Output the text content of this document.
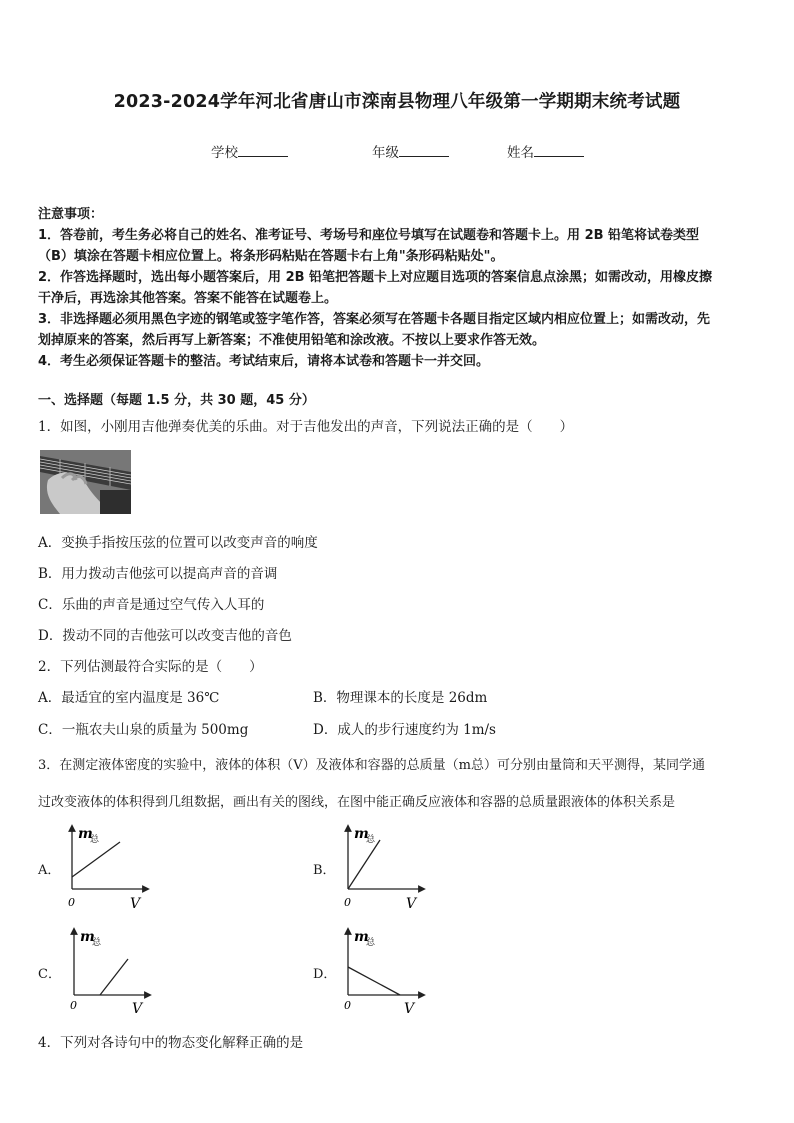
2023-2024学年河北省唐山市滦南县物理八年级第一学期期末统考试题
学校	年级	姓名
注意事项：
1．答卷前，考生务必将自己的姓名、准考证号、考场号和座位号填写在试题卷和答题卡上。用 2B 铅笔将试卷类型
（B）填涂在答题卡相应位置上。将条形码粘贴在答题卡右上角"条形码粘贴处"。
2．作答选择题时，选出每小题答案后，用 2B 铅笔把答题卡上对应题目选项的答案信息点涂黑；如需改动，用橡皮擦
干净后，再选涂其他答案。答案不能答在试题卷上。
3．非选择题必须用黑色字迹的钢笔或签字笔作答，答案必须写在答题卡各题目指定区域内相应位置上；如需改动，先
划掉原来的答案，然后再写上新答案；不准使用铅笔和涂改液。不按以上要求作答无效。
4．考生必须保证答题卡的整洁。考试结束后，请将本试卷和答题卡一并交回。
一、选择题（每题 1.5 分，共 30 题，45 分）
1．如图，小刚用吉他弹奏优美的乐曲。对于吉他发出的声音，下列说法正确的是（　　）
A．变换手指按压弦的位置可以改变声音的响度
B．用力拨动吉他弦可以提高声音的音调
C．乐曲的声音是通过空气传入人耳的
D．拨动不同的吉他弦可以改变吉他的音色
2．下列估测最符合实际的是（　　）
A．最适宜的室内温度是 36℃	B．物理课本的长度是 26dm
C．一瓶农夫山泉的质量为 500mg	D．成人的步行速度约为 1m/s
3．在测定液体密度的实验中，液体的体积（V）及液体和容器的总质量（m总）可分别由量筒和天平测得，某同学通
过改变液体的体积得到几组数据，画出有关的图线，在图中能正确反应液体和容器的总质量跟液体的体积关系是
A．
m
总
0	V
B．
m
总
0	V
C．
m
总
0	V
D．
m
总
0	V
4．下列对各诗句中的物态变化解释正确的是
